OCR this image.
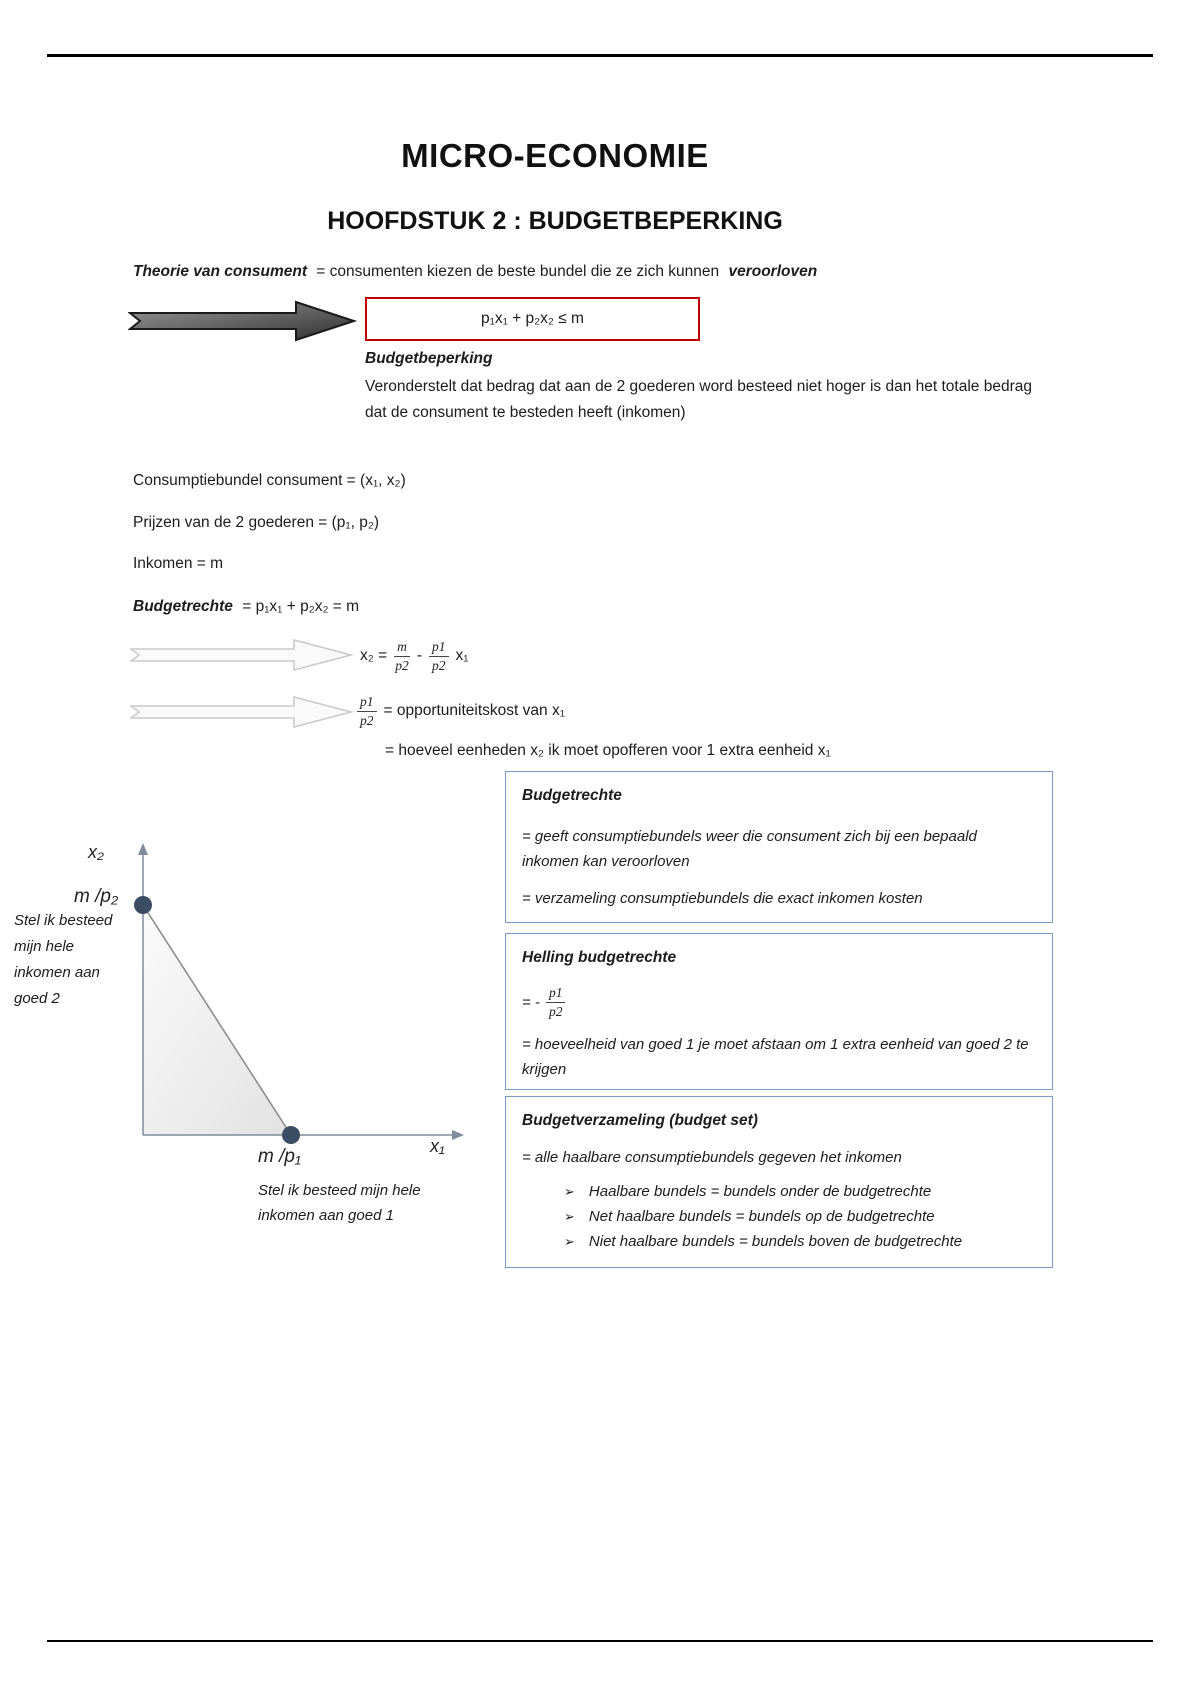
MICRO-ECONOMIE
HOOFDSTUK 2 : BUDGETBEPERKING

Theorie van consument = consumenten kiezen de beste bundel die ze zich kunnen veroorloven

p₁x₁ + p₂x₂ ≤ m

Budgetbeperking

Veronderstelt dat bedrag dat aan de 2 goederen word besteed niet hoger is dan het totale bedrag dat de consument te besteden heeft (inkomen)

Consumptiebundel consument = (x₁, x₂)

Prijzen van de 2 goederen = (p₁, p₂)

Inkomen = m

Budgetrechte = p₁x₁ + p₂x₂ = m

$x_2 = \frac{m}{p2} - \frac{p1}{p2} x_1$
$\frac{p1}{p2}$ = opportuniteitskost van x₁

= hoeveel eenheden x₂ ik moet opofferen voor 1 extra eenheid x₁

x₂
m /p₂
x₁
m /p₁

Stel ik besteed mijn hele inkomen aan goed 2

Stel ik besteed mijn hele inkomen aan goed 1

Budgetrechte

= geeft consumptiebundels weer die consument zich bij een bepaald inkomen kan veroorloven

= verzameling consumptiebundels die exact inkomen kosten

Helling budgetrechte
= - $\frac{p1}{p2}$

= hoeveelheid van goed 1 je moet afstaan om 1 extra eenheid van goed 2 te krijgen

Budgetverzameling (budget set)

= alle haalbare consumptiebundels gegeven het inkomen

➢ Haalbare bundels = bundels onder de budgetrechte
➢ Net haalbare bundels = bundels op de budgetrechte
➢ Niet haalbare bundels = bundels boven de budgetrechte
